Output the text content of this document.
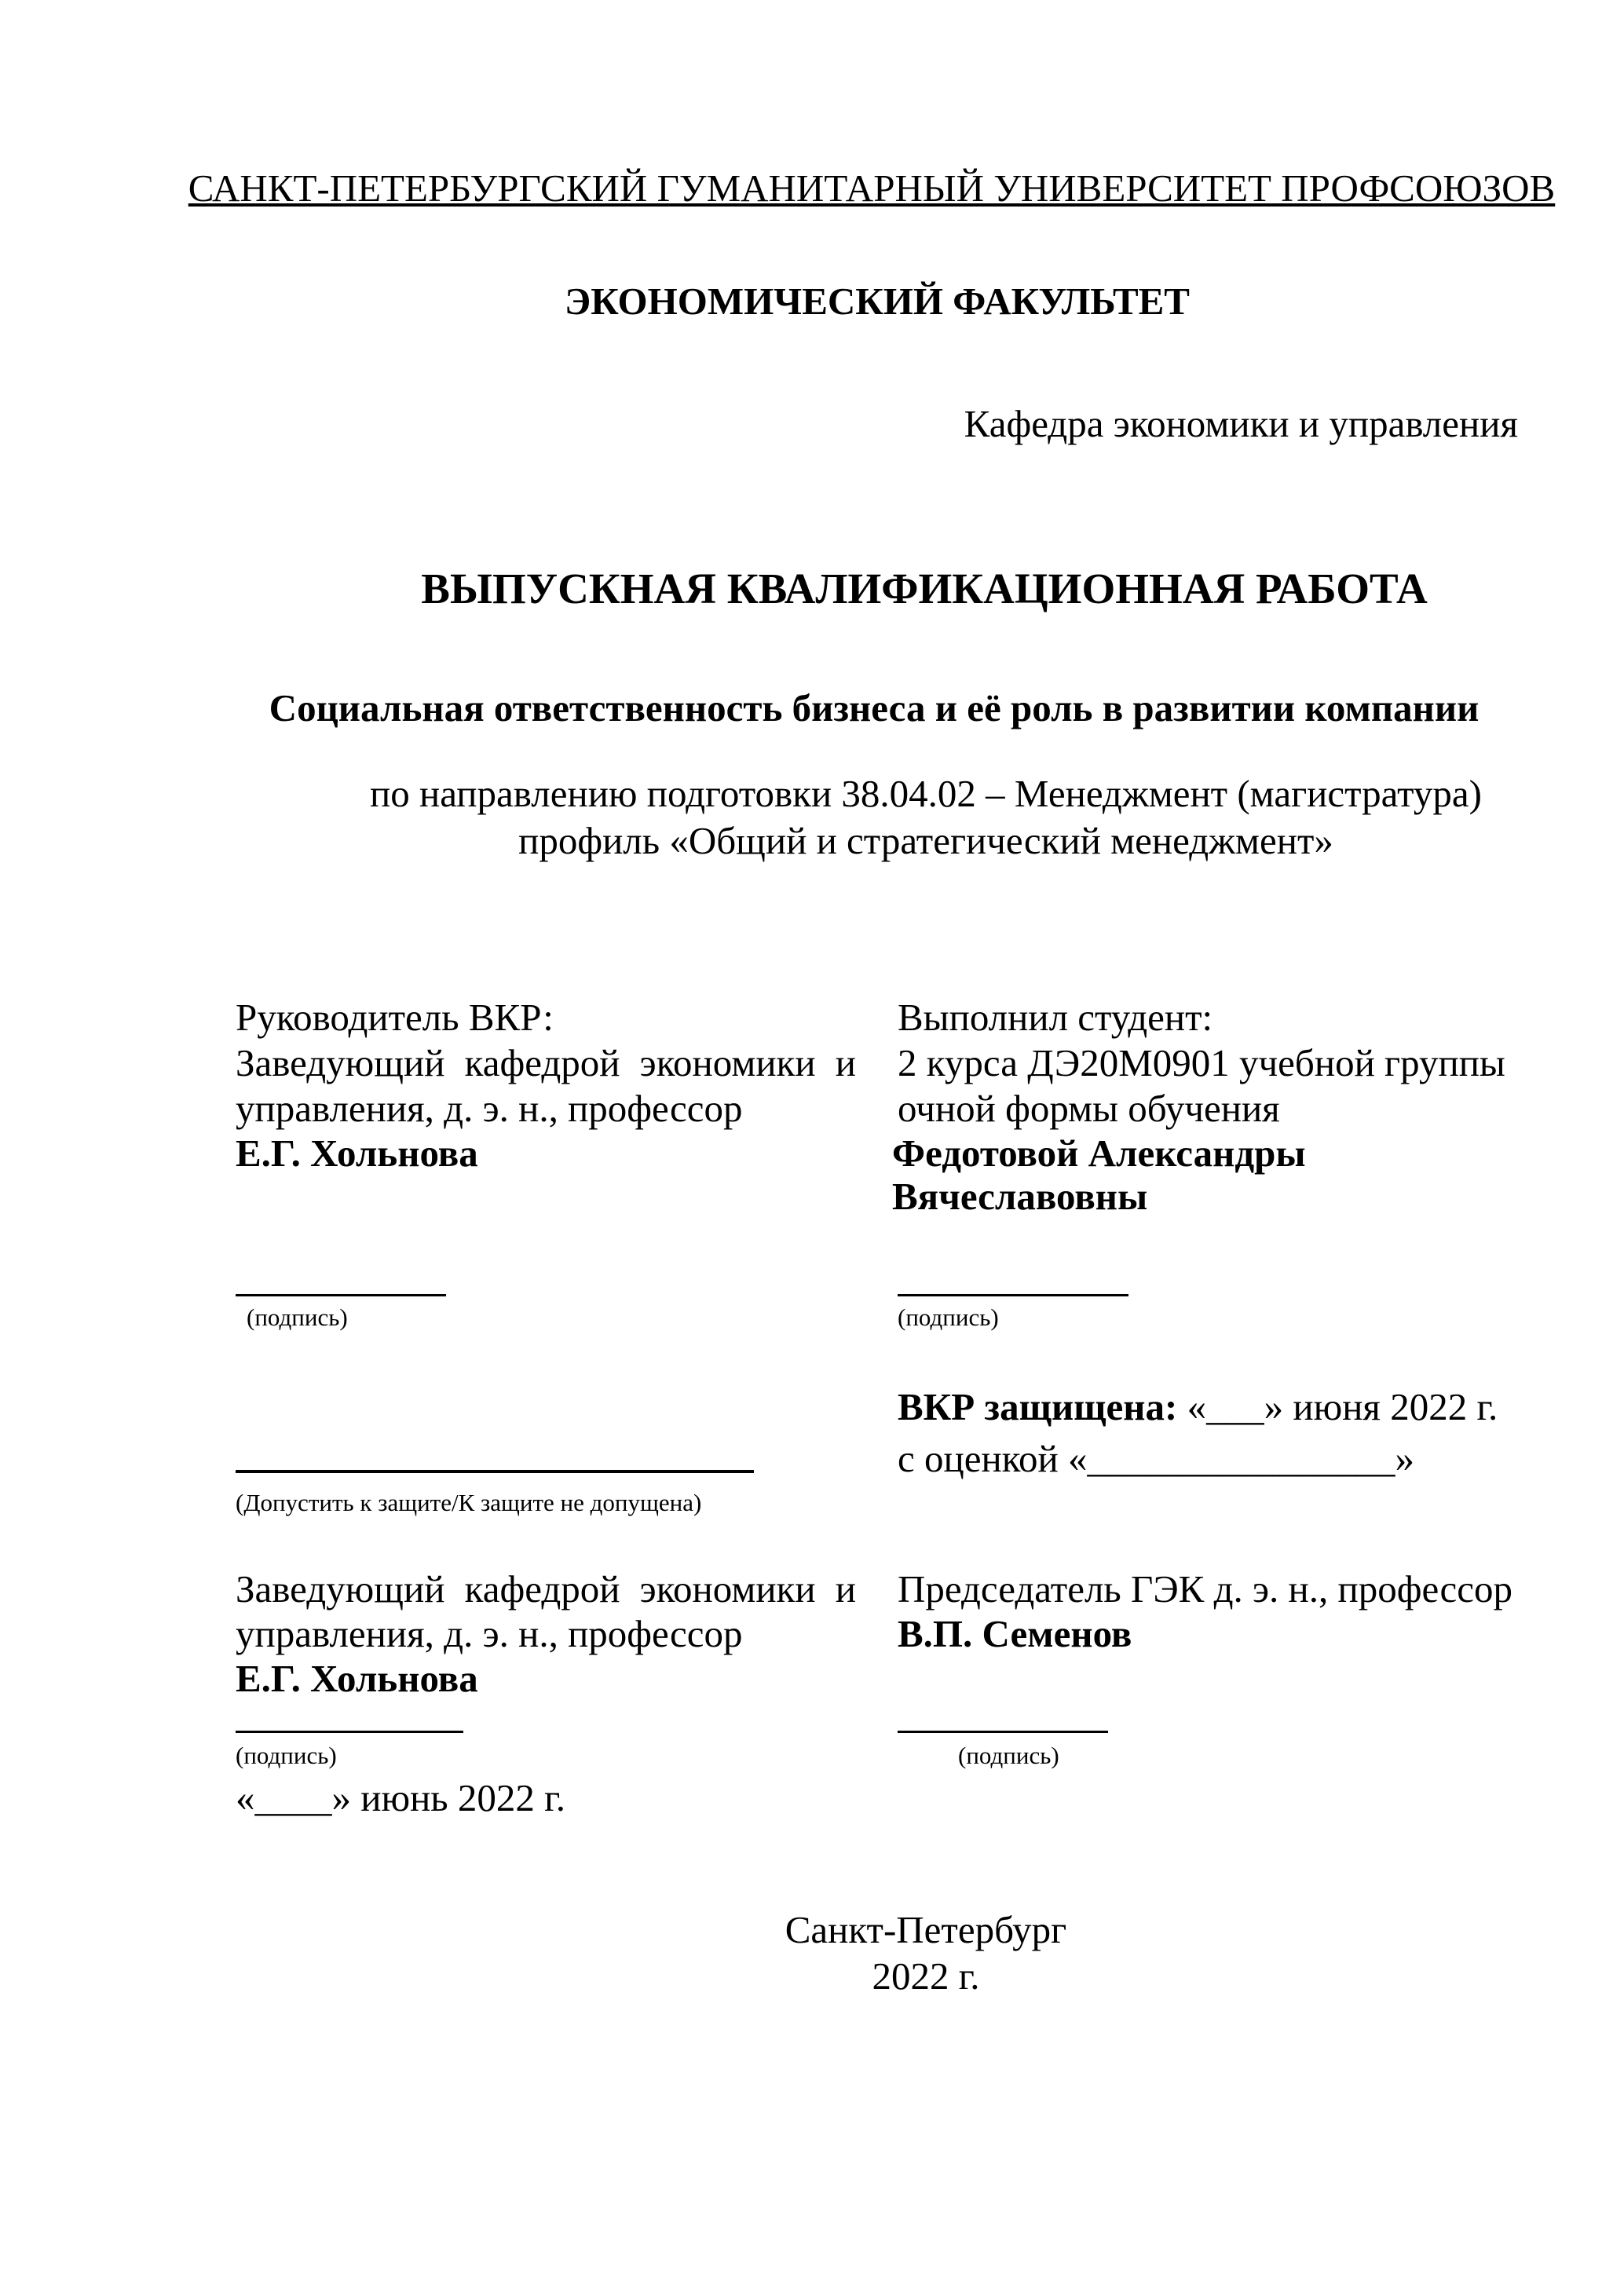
САНКТ-ПЕТЕРБУРГСКИЙ ГУМАНИТАРНЫЙ УНИВЕРСИТЕТ ПРОФСОЮЗОВ
ЭКОНОМИЧЕСКИЙ ФАКУЛЬТЕТ
Кафедра экономики и управления
ВЫПУСКНАЯ КВАЛИФИКАЦИОННАЯ РАБОТА
Социальная ответственность бизнеса и её роль в развитии компании
по направлению подготовки 38.04.02 – Менеджмент (магистратура)
профиль «Общий и стратегический менеджмент»
Руководитель ВКР:
Заведующий кафедрой экономики и
управления, д. э. н., профессор
Е.Г. Хольнова
(подпись)
Выполнил студент:
2 курса ДЭ20М0901 учебной группы
очной формы обучения
Федотовой Александры
Вячеславовны
(подпись)
ВКР защищена: «___» июня 2022 г.
с оценкой «________________»
(Допустить к защите/К защите не допущена)
Заведующий кафедрой экономики и
управления, д. э. н., профессор
Е.Г. Хольнова
(подпись)
«____» июнь 2022 г.
Председатель ГЭК д. э. н., профессор
В.П. Семенов
(подпись)
Санкт-Петербург
2022 г.
